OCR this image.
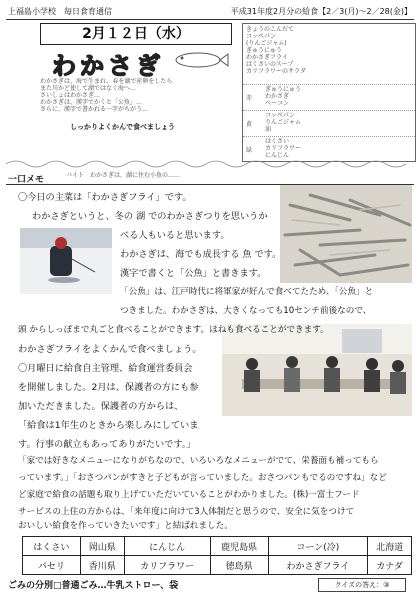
上福島小学校　毎日食育通信	平成31年度2月分の給食【2／3(月)～2／28(金)】
2月１２日（水）
わかさぎ
わかさぎは、海で生まれ、春を湖で産卵をしたら
また川かど使して湖ではなく海へ…
さいしょはわかさぎ…
わかさぎは、漢字でかくと「公魚」…
さらに、漢字で書かれる一字がちがう…
しっかりよくかんで食べましょう
赤
ぎゅうにゅう
わかさぎ
ベーコン
黄
コッペパン
りんごジャム
油
緑
はくさい
カリフラワー
にんじん
きょうのこんだて
コッペパン
(りんごジャム)
ぎゅうにゅう
わかさぎフライ
はくさいのスープ
カリフラワーのサラダ
バイト　わかさぎは、湖に住む小魚の……
一口メモ
〇今日の主菜は「わかさぎフライ」です。
わかさぎというと、冬の 湖 でのわかさぎつりを思いうか
べる人もいると思います。
わかさぎは、海でも成長する 魚 です。
漢字で書くと「公魚」と書きます。
「公魚」は、江戸時代に将軍家が好んで食べてたため、「公魚」と
つきました。わかさぎは、大きくなっても10センチ前後なので、
頭 からしっぽまで丸ごと食べることができます。ほねも食べることができます。
わかさぎフライをよくかんで食べましょう。
〇月曜日に給食自主管理、給食運営委員会
を開催しました。2月は、保護者の方にも参
加いただきました。保護者の方からは、
「給食は1年生のときから楽しみにしています。行事の献立もあってありがたいです。」
「家では好きなメニューになりがちなので、いろいろなメニューがでて、栄養面も補ってもら
っています。」「おさつパンがすきと子どもが言っていました。おさつパンもでるのですね」など
ど家庭で給食の話題も取り上げていただいていることがわかりました。(株)一富士フード
サービスの上住の方からは、「来年度に向けて3人体制だと思うので、安全に気をつけて
はくさい	岡山県	にんじん	鹿児島県	コーン(冷)	北海道
パセリ	香川県	カリフラワー	徳島県	わかさぎフライ	カナダ
ごみの分別□普通ごみ…牛乳ストロー、袋	クイズの答え：③
おいしい給食を作っていきたいです」と結ばれました。
